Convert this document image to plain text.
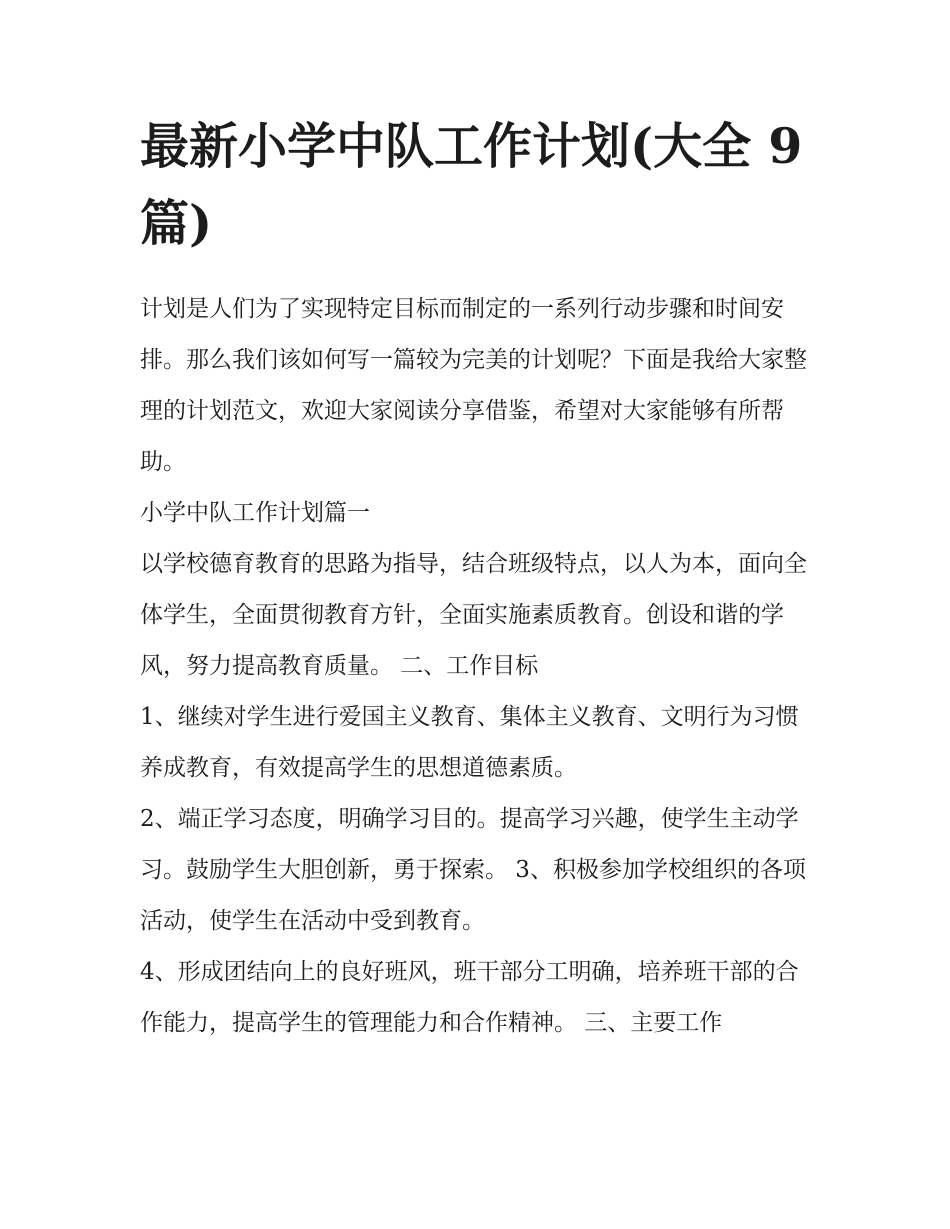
最新小学中队工作计划(大全 9 篇)

计划是人们为了实现特定目标而制定的一系列行动步骤和时间安排。那么我们该如何写一篇较为完美的计划呢？下面是我给大家整理的计划范文，欢迎大家阅读分享借鉴，希望对大家能够有所帮助。

小学中队工作计划篇一

以学校德育教育的思路为指导，结合班级特点，以人为本，面向全体学生，全面贯彻教育方针，全面实施素质教育。创设和谐的学风，努力提高教育质量。 二、工作目标

1、继续对学生进行爱国主义教育、集体主义教育、文明行为习惯养成教育，有效提高学生的思想道德素质。

2、端正学习态度，明确学习目的。提高学习兴趣，使学生主动学习。鼓励学生大胆创新，勇于探索。 3、积极参加学校组织的各项活动，使学生在活动中受到教育。

4、形成团结向上的良好班风，班干部分工明确，培养班干部的合作能力，提高学生的管理能力和合作精神。 三、主要工作
